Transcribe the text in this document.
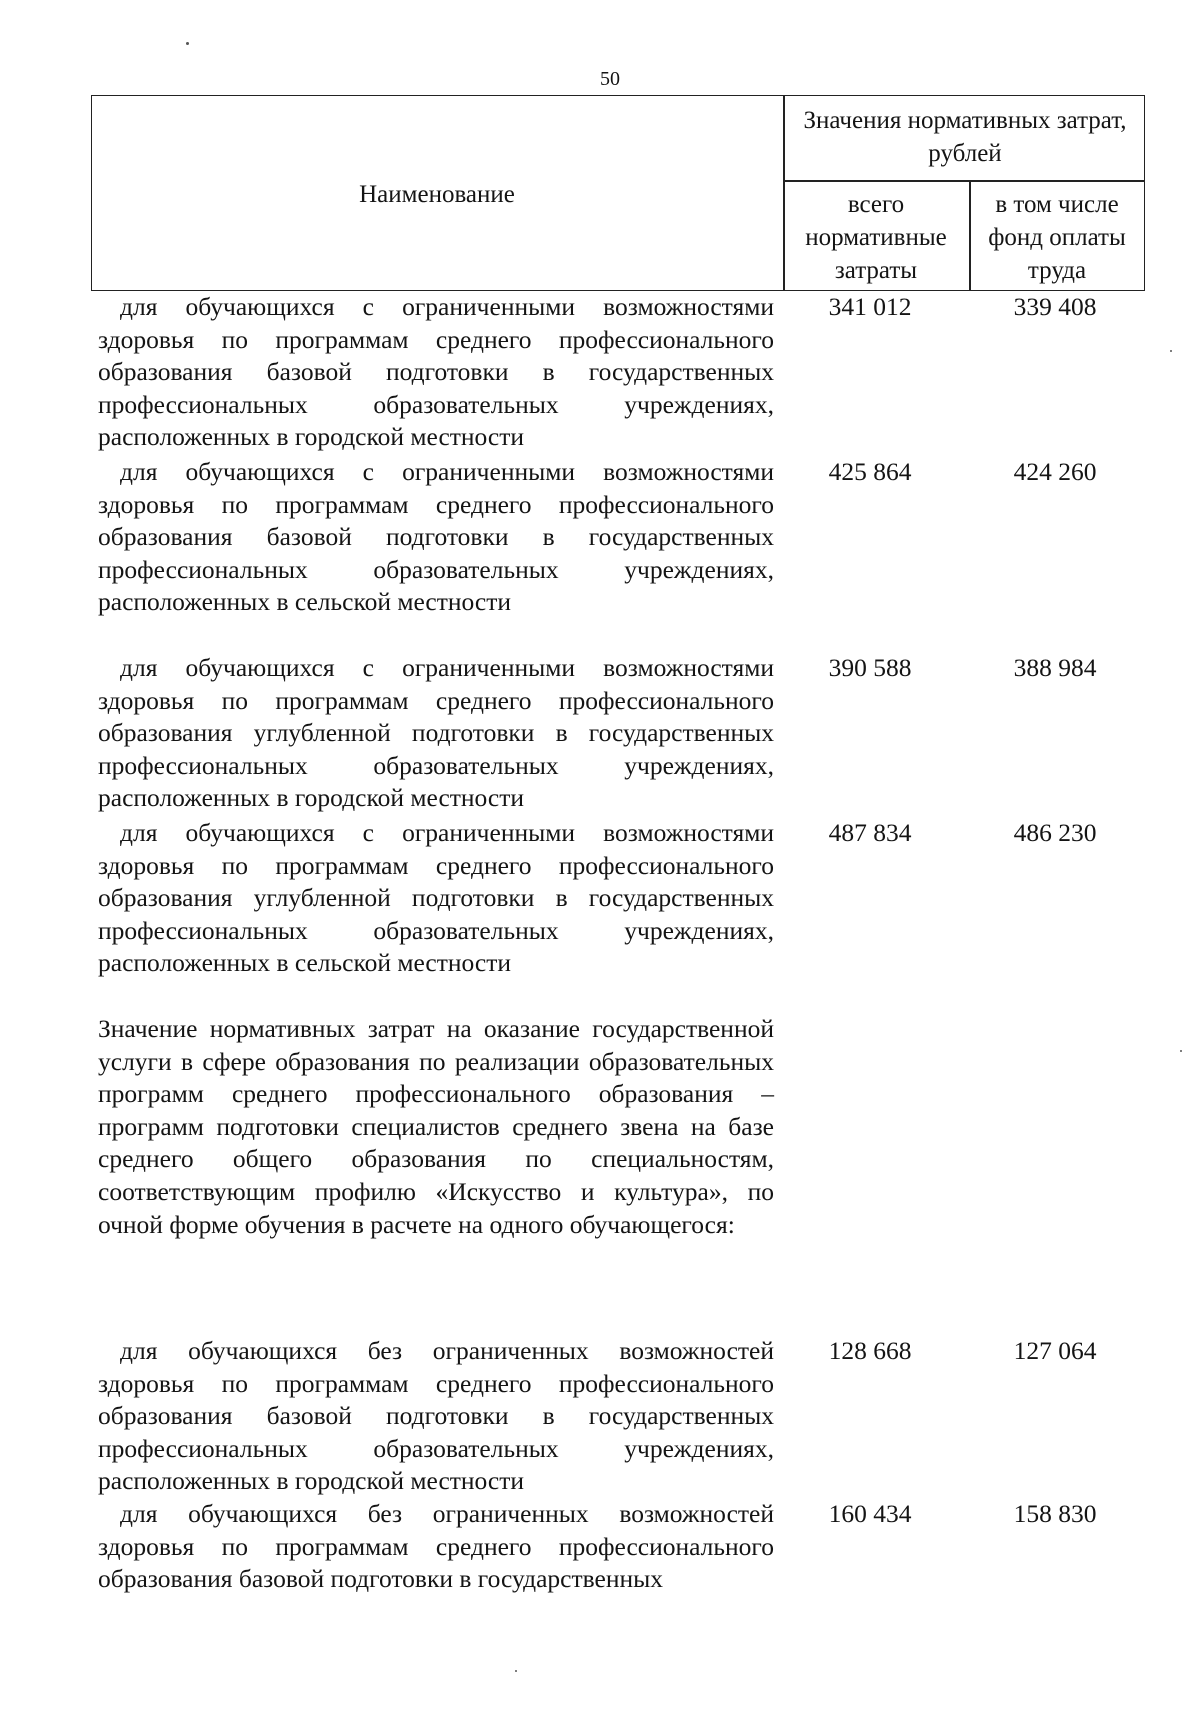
50
Наименование
Значения нормативных затрат, рублей
всего нормативные затраты
в том числе фонд оплаты труда
для обучающихся с ограниченными возможностями здоровья по программам среднего профессионального образования базовой подготовки в государственных профессиональных образовательных учреждениях, расположенных в городской местности
341 012	339 408
для обучающихся с ограниченными возможностями здоровья по программам среднего профессионального образования базовой подготовки в государственных профессиональных образовательных учреждениях, расположенных в сельской местности
425 864	424 260
для обучающихся с ограниченными возможностями здоровья по программам среднего профессионального образования углубленной подготовки в государственных профессиональных образовательных учреждениях, расположенных в городской местности
390 588	388 984
для обучающихся с ограниченными возможностями здоровья по программам среднего профессионального образования углубленной подготовки в государственных профессиональных образовательных учреждениях, расположенных в сельской местности
487 834	486 230
Значение нормативных затрат на оказание государственной услуги в сфере образования по реализации образовательных программ среднего профессионального образования – программ подготовки специалистов среднего звена на базе среднего общего образования по специальностям, соответствующим профилю «Искусство и культура», по очной форме обучения в расчете на одного обучающегося:
для обучающихся без ограниченных возможностей здоровья по программам среднего профессионального образования базовой подготовки в государственных профессиональных образовательных учреждениях, расположенных в городской местности
128 668	127 064
для обучающихся без ограниченных возможностей здоровья по программам среднего профессионального образования базовой подготовки в государственных
160 434	158 830
